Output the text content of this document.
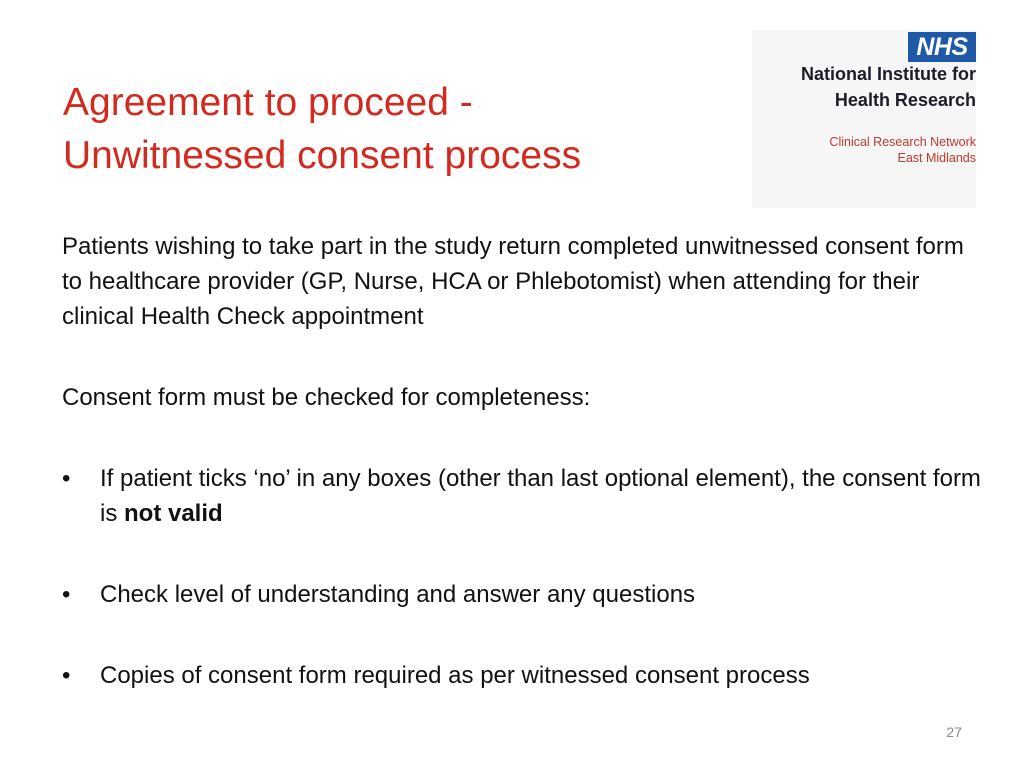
Agreement to proceed -
Unwitnessed consent process
NHS
National Institute for
Health Research
Clinical Research Network
East Midlands

Patients wishing to take part in the study return completed unwitnessed consent form to healthcare provider (GP, Nurse, HCA or Phlebotomist) when attending for their clinical Health Check appointment

Consent form must be checked for completeness:

• If patient ticks ‘no’ in any boxes (other than last optional element), the consent form is not valid
• Check level of understanding and answer any questions
• Copies of consent form required as per witnessed consent process
27
